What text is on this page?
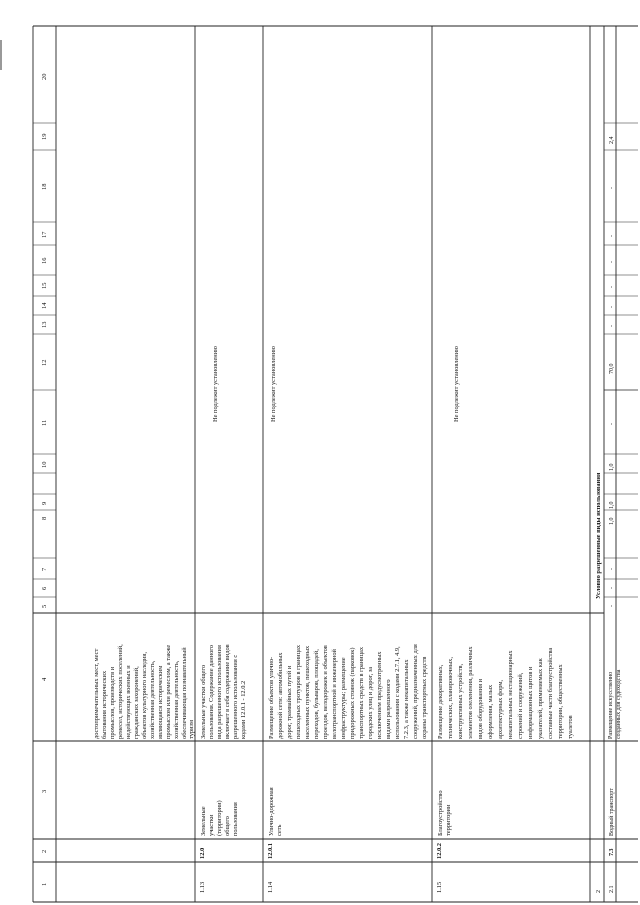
1
2
3
4
5
6
7
8
9
10
11
12
13
14
15
16
17
18
19
20
достопримечательных мест, мест бытования исторических промыслов, производств и ремесел, исторических поселений, недействующих военных и гражданских захоронений, объектов культурного наследия, хозяйственная деятельность, являющаяся историческим промыслом или ремеслом, а также хозяйственная деятельность, обеспечивающая познавательный туризм
1.13
12.0
Земельные участки (территории) общего пользования
Земельные участки общего пользования. Содержание данного вида разрешенного использования включает в себя содержание видов разрешенного использования с кодами 12.0.1 - 12.0.2
Не подлежит установлению
1.14
12.0.1
Улично-дорожная сеть
Размещение объектов улично- дорожной сети: автомобильных дорог, трамвайных путей и пешеходных тротуаров в границах населенных пунктов, пешеходных переходов, бульваров, площадей, проездов, велодорожек и объектов велотранспортной и инженерной инфраструктуры; размещение придорожных стоянок (парковок) транспортных средств в границах городских улиц и дорог, за исключением предусмотренных видами разрешенного использования с кодами 2.7.1, 4.9, 7.2.3, а также некапитальных сооружений, предназначенных для охраны транспортных средств
Не подлежит установлению
1.15
12.0.2
Благоустройство территории
Размещение декоративных, технических, планировочных, конструктивных устройств, элементов озеленения, различных видов оборудования и оформления, малых архитектурных форм, некапитальных нестационарных строений и сооружений, информационных щитов и указателей, применяемых как составные части благоустройства территории, общественных туалетов
Не подлежит установлению
2
Условно разрешенные виды использования
2.1
7.3
Водный транспорт
Размещение искусственно созданных для судоходства
-
-
-
1,0
1,0
1,0
-
70,0
-
-
-
-
-
-
2,4
